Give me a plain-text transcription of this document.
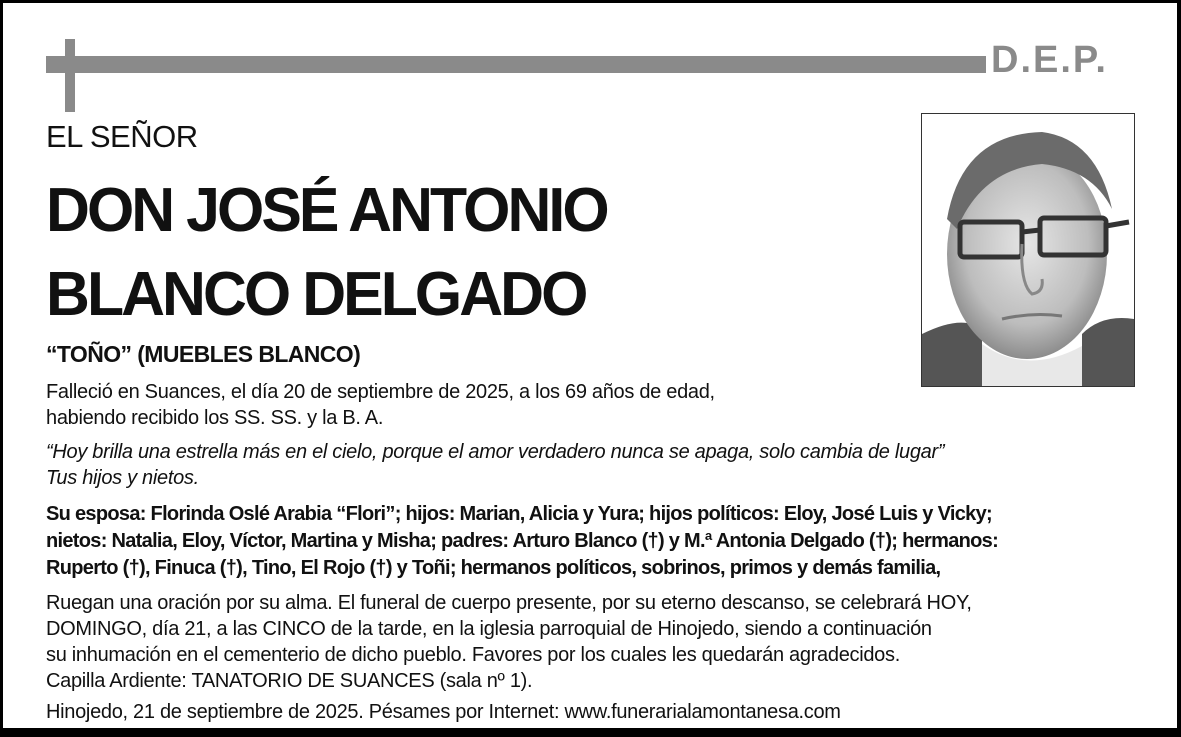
D.E.P.
EL SEÑOR
DON JOSÉ ANTONIO
BLANCO DELGADO
“TOÑO” (MUEBLES BLANCO)
Falleció en Suances, el día 20 de septiembre de 2025, a los 69 años de edad,
habiendo recibido los SS. SS. y la B. A.
“Hoy brilla una estrella más en el cielo, porque el amor verdadero nunca se apaga, solo cambia de lugar”
Tus hijos y nietos.
Su esposa: Florinda Oslé Arabia “Flori”; hijos: Marian, Alicia y Yura; hijos políticos: Eloy, José Luis y Vicky;
nietos: Natalia, Eloy, Víctor, Martina y Misha; padres: Arturo Blanco (†) y M.ª Antonia Delgado (†); hermanos:
Ruperto (†), Finuca (†), Tino, El Rojo (†) y Toñi; hermanos políticos, sobrinos, primos y demás familia,
Ruegan una oración por su alma. El funeral de cuerpo presente, por su eterno descanso, se celebrará HOY,
DOMINGO, día 21, a las CINCO de la tarde, en la iglesia parroquial de Hinojedo, siendo a continuación
su inhumación en el cementerio de dicho pueblo. Favores por los cuales les quedarán agradecidos.
Capilla Ardiente: TANATORIO DE SUANCES (sala nº 1).
Hinojedo, 21 de septiembre de 2025. Pésames por Internet: www.funerarialamontanesa.com
